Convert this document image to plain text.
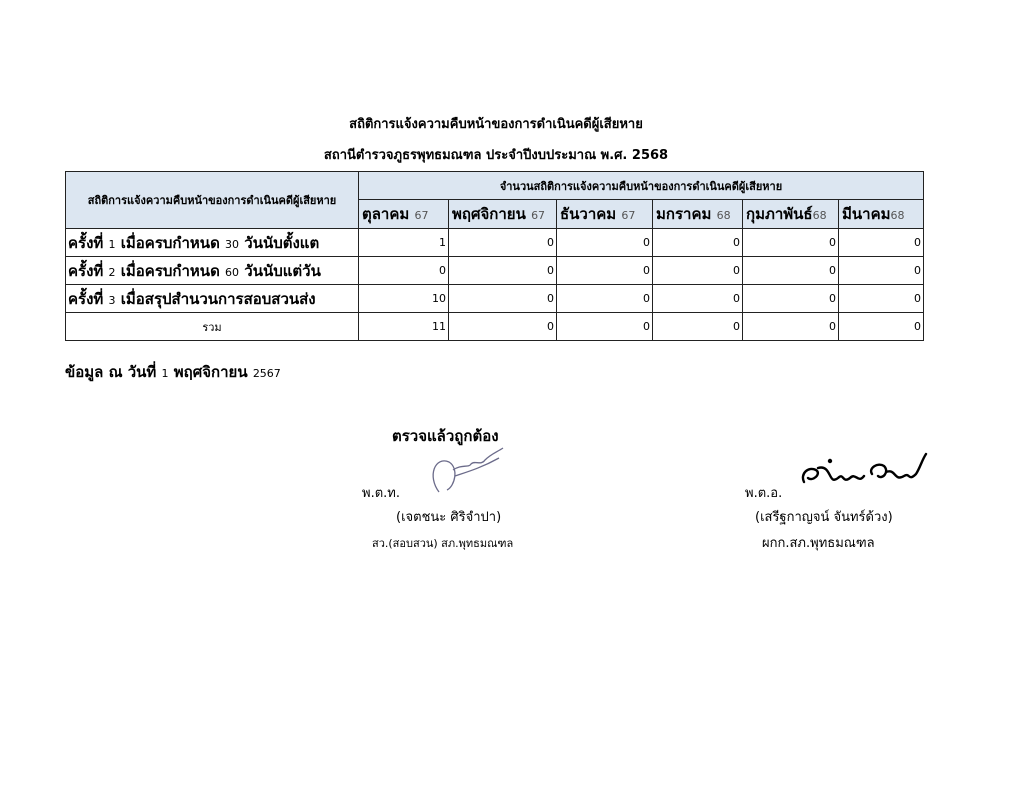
สถิติการแจ้งความคืบหน้าของการดำเนินคดีผู้เสียหาย
สถานีตำรวจภูธรพุทธมณฑล ประจำปีงบประมาณ พ.ศ. 2568
สถิติการแจ้งความคืบหน้าของการดำเนินคดีผู้เสียหาย	จำนวนสถิติการแจ้งความคืบหน้าของการดำเนินคดีผู้เสียหาย					
	ตุลาคม 67	พฤศจิกายน 67	ธันวาคม 67	มกราคม 68	กุมภาพันธ์68	มีนาคม68
ครั้งที่ 1 เมื่อครบกำหนด 30 วันนับตั้งแต	1	0	0	0	0	0
ครั้งที่ 2 เมื่อครบกำหนด 60 วันนับแต่วัน	0	0	0	0	0	0
ครั้งที่ 3 เมื่อสรุปสำนวนการสอบสวนส่ง	10	0	0	0	0	0
รวม	11	0	0	0	0	0
ข้อมูล ณ วันที่ 1 พฤศจิกายน 2567
ตรวจแล้วถูกต้อง
พ.ต.ท.
(เจตชนะ ศิริจำปา)
สว.(สอบสวน) สภ.พุทธมณฑล
พ.ต.อ.
(เสรีฐกาญจน์ จันทร์ด้วง)
ผกก.สภ.พุทธมณฑล
